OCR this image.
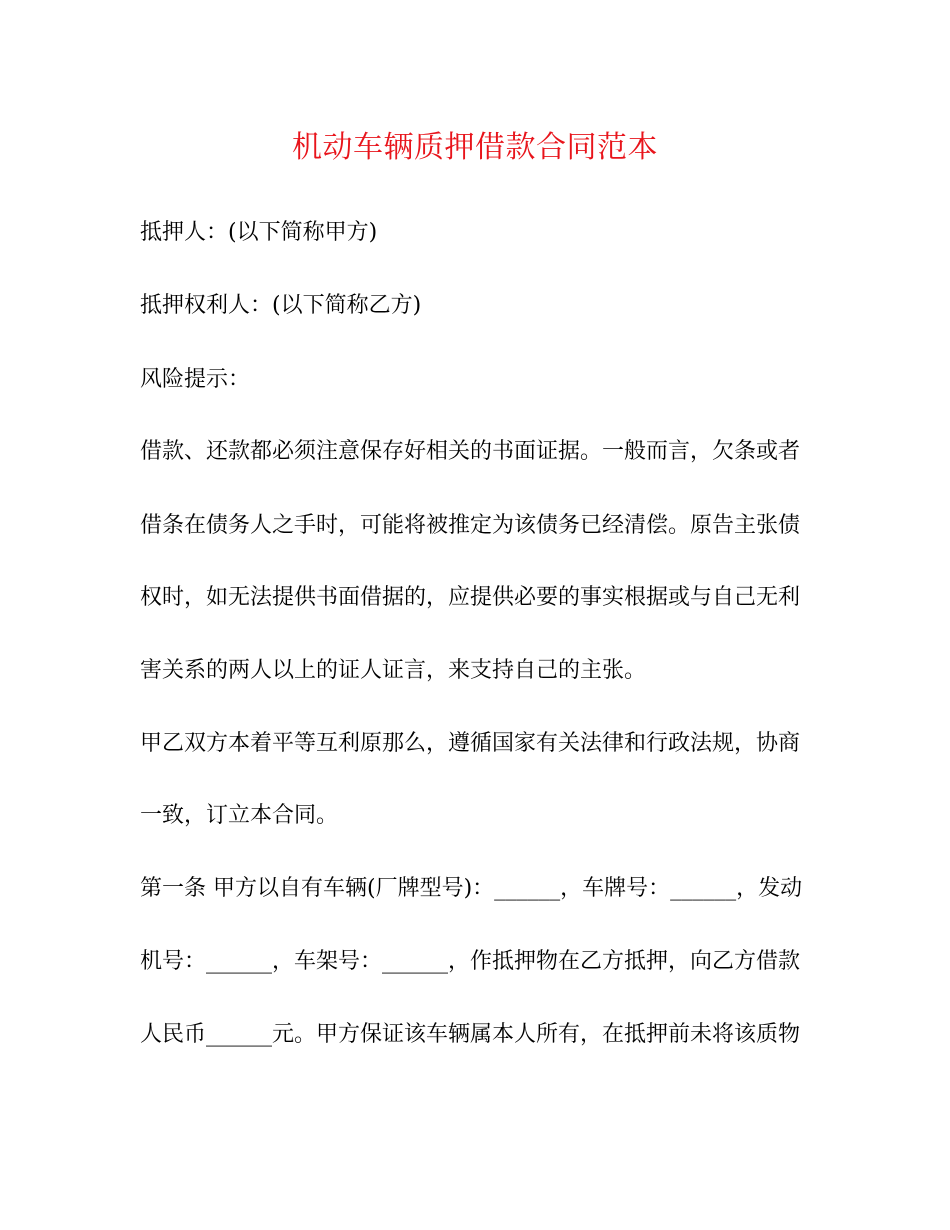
机动车辆质押借款合同范本
抵押人：(以下简称甲方)
抵押权利人：(以下简称乙方)
风险提示：
借款、还款都必须注意保存好相关的书面证据。一般而言，欠条或者
借条在债务人之手时，可能将被推定为该债务已经清偿。原告主张债
权时，如无法提供书面借据的，应提供必要的事实根据或与自己无利
害关系的两人以上的证人证言，来支持自己的主张。
甲乙双方本着平等互利原那么，遵循国家有关法律和行政法规，协商
一致，订立本合同。
第一条 甲方以自有车辆(厂牌型号)：______，车牌号：______，发动
机号：______，车架号：______，作抵押物在乙方抵押，向乙方借款
人民币______元。甲方保证该车辆属本人所有，在抵押前未将该质物
